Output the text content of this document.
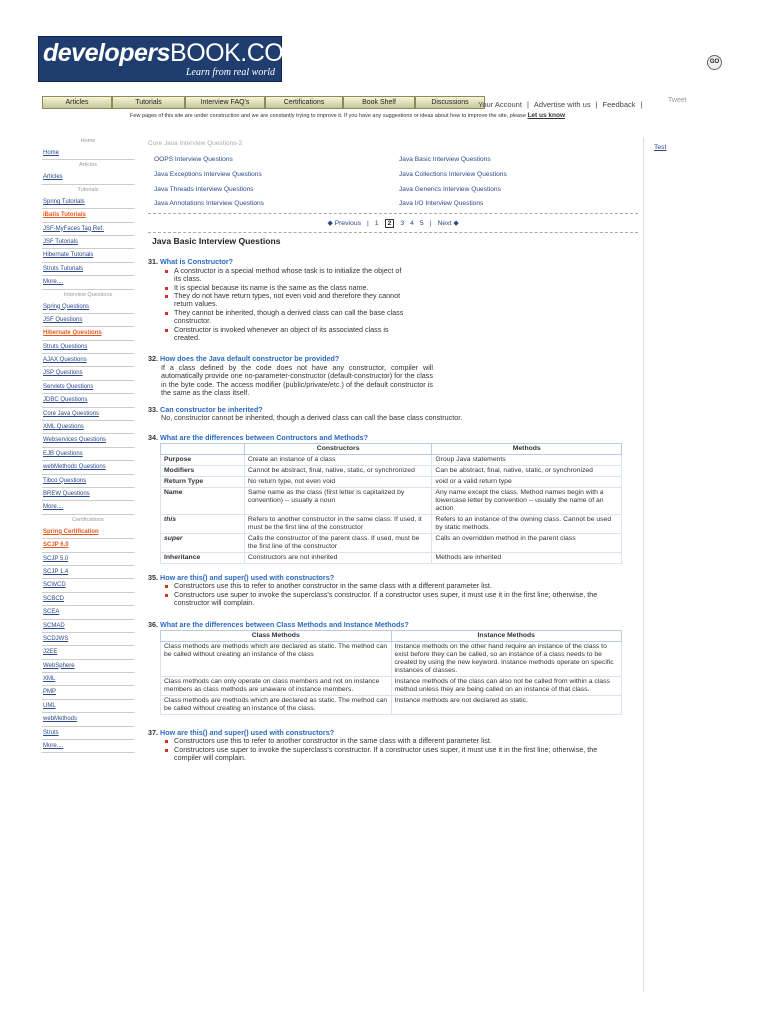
developersBOOK.COM
Learn from real world
GO
Articles	Tutorials	Interview FAQ's	Certifications	Book Shelf	Discussions	Your Account | Advertise with us | Feedback |	Tweet
Few pages of this site are under construction and we are constantly trying to improve it. If you have any suggestions or ideas about how to improve the site, please Let us know
Home
Home
Articles
Articles
Tutorials
Spring Tutorials
iBatis Tutorials
JSF-MyFaces Tag Ref.
JSF Tutorials
Hibernate Tutorials
Struts Tutorials
More....
Interview Questions
Spring Questions
JSF Questions
Hibernate Questions
Struts Questions
AJAX Questions
JSP Questions
Servlets Questions
JDBC Questions
Core Java Questions
XML Questions
Webservices Questions
EJB Questions
webMethods Questions
Tibco Questions
BREW Questions
More....
Certifications
Spring Certification
SCJP 6.0
SCJP 5.0
SCJP 1.4
SCWCD
SCBCD
SCEA
SCMAD
SCDJWS
J2EE
WebSphere
XML
PMP
UML
webMethods
Struts
More....
Test
Core Java Interview Questions-2
OOPS Interview Questions	Java Basic Interview Questions
Java Exceptions Interview Questions	Java Collections Interview Questions
Java Threads Interview Questions	Java Generics Interview Questions
Java Annotations Interview Questions	Java I/O Interview Questions
◆ Previous | 1 2 3 4 5 | Next ◆
Java Basic Interview Questions
31. What is Constructor?
A constructor is a special method whose task is to initialize the object of its class.
It is special because its name is the same as the class name.
They do not have return types, not even void and therefore they cannot return values.
They cannot be inherited, though a derived class can call the base class constructor.
Constructor is invoked whenever an object of its associated class is created.
32. How does the Java default constructor be provided?
If a class defined by the code does not have any constructor, compiler will automatically provide one no-parameter-constructor (default-constructor) for the class in the byte code. The access modifier (public/private/etc.) of the default constructor is the same as the class itself.
33. Can constructor be inherited?
No, constructor cannot be inherited, though a derived class can call the base class constructor.
34. What are the differences between Contructors and Methods?
	Constructors	Methods
Purpose	Create an instance of a class	Group Java statements
Modifiers	Cannot be abstract, final, native, static, or synchronized	Can be abstract, final, native, static, or synchronized
Return Type	No return type, not even void	void or a valid return type
Name	Same name as the class (first letter is capitalized by convention) -- usually a noun	Any name except the class. Method names begin with a lowercase letter by convention -- usually the name of an action
this	Refers to another constructor in the same class. If used, it must be the first line of the constructor	Refers to an instance of the owning class. Cannot be used by static methods.
super	Calls the constructor of the parent class. If used, must be the first line of the constructor	Calls an overridden method in the parent class
Inheritance	Constructors are not inherited	Methods are inherited
35. How are this() and super() used with constructors?
Constructors use this to refer to another constructor in the same class with a different parameter list.
Constructors use super to invoke the superclass's constructor. If a constructor uses super, it must use it in the first line; otherwise, the constructor will complain.
36. What are the differences between Class Methods and Instance Methods?
Class Methods	Instance Methods
Class methods are methods which are declared as static. The method can be called without creating an instance of the class	Instance methods on the other hand require an instance of the class to exist before they can be called, so an instance of a class needs to be created by using the new keyword. Instance methods operate on specific instances of classes.
Class methods can only operate on class members and not on instance members as class methods are unaware of instance members.	Instance methods of the class can also not be called from within a class method unless they are being called on an instance of that class.
Class methods are methods which are declared as static. The method can be called without creating an instance of the class.	Instance methods are not declared as static.
37. How are this() and super() used with constructors?
Constructors use this to refer to another constructor in the same class with a different parameter list.
Constructors use super to invoke the superclass's constructor. If a constructor uses super, it must use it in the first line; otherwise, the compiler will complain.
